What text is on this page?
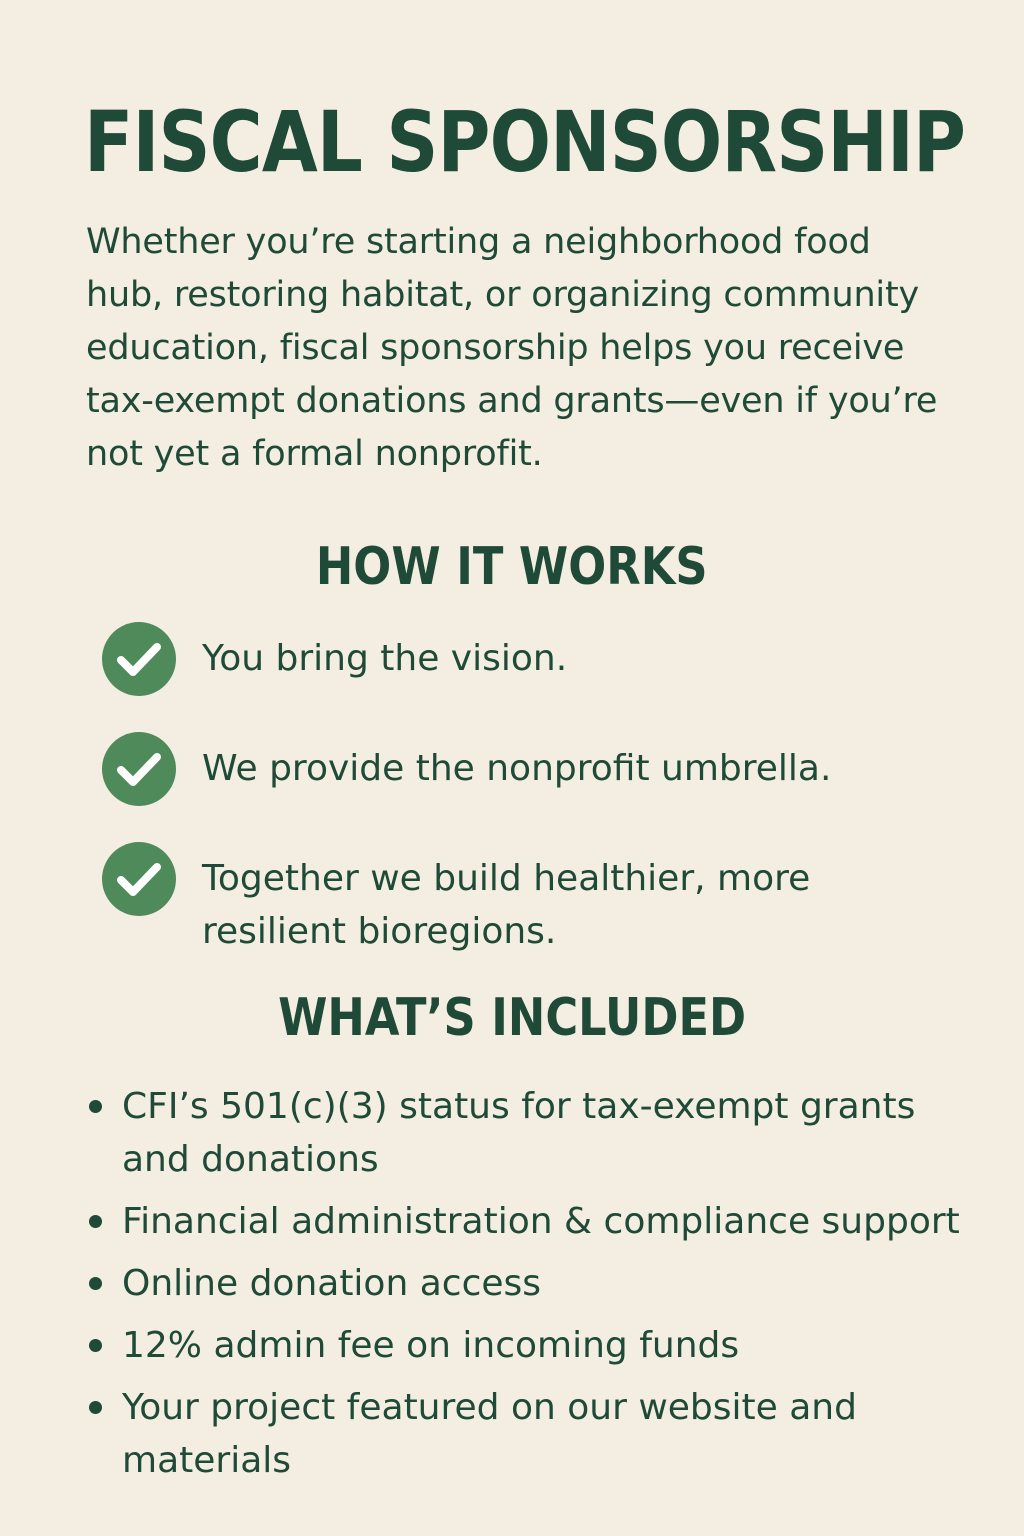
FISCAL SPONSORSHIP

Whether you’re starting a neighborhood food hub, restoring habitat, or organizing community education, fiscal sponsorship helps you receive tax-exempt donations and grants—even if you’re not yet a formal nonprofit.

HOW IT WORKS
You bring the vision.
We provide the nonprofit umbrella.
Together we build healthier, more resilient bioregions.
WHAT’S INCLUDED
CFI’s 501(c)(3) status for tax-exempt grants and donations
Financial administration & compliance support
Online donation access
12% admin fee on incoming funds
Your project featured on our website and materials
